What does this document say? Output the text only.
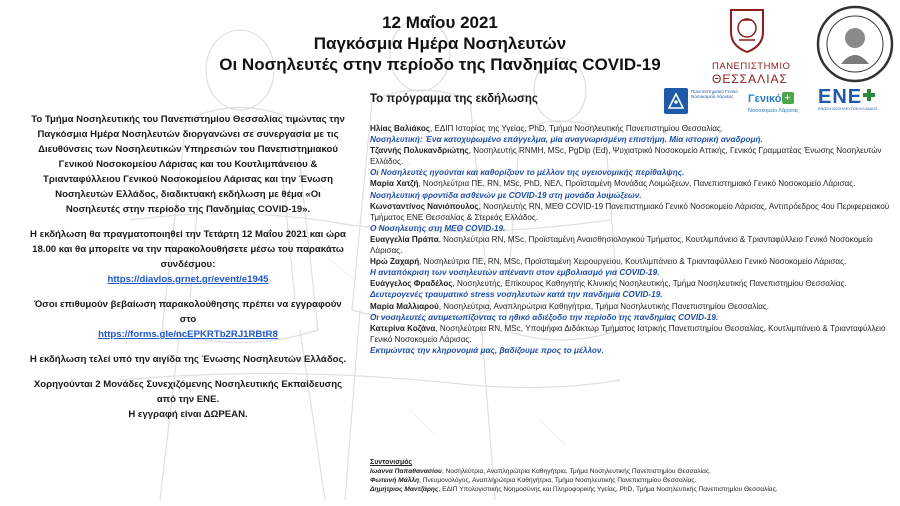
12 Μαΐου 2021
Παγκόσμια Ημέρα Νοσηλευτών
Οι Νοσηλευτές στην περίοδο της Πανδημίας COVID-19	ΠΑΝΕΠΙΣΤΗΜΙΟ
ΘΕΣΣΑΛΙΑΣ

Το Τμήμα Νοσηλευτικής του Πανεπιστημίου Θεσσαλίας τιμώντας την Παγκόσμια Ημέρα Νοσηλευτών διοργανώνει σε συνεργασία με τις Διευθύνσεις των Νοσηλευτικών Υπηρεσιών του Πανεπιστημιακού Γενικού Νοσοκομείου Λάρισας και του Κουτλιμπάνειου & Τριανταφύλλειου Γενικού Νοσοκομείου Λάρισας και την Ένωση Νοσηλευτών Ελλάδος, διαδικτυακή εκδήλωση με θέμα «Οι Νοσηλευτές στην περίοδο της Πανδημίας COVID-19».

Η εκδήλωση θα πραγματοποιηθεί την Τετάρτη 12 Μαΐου 2021 και ώρα 18.00 και θα μπορείτε να την παρακολουθήσετε μέσω του παρακάτω συνδέσμου:

https://diavlos.grnet.gr/event/e1945

Όσοι επιθυμούν βεβαίωση παρακολούθησης πρέπει να εγγραφούν στο

https://forms.gle/ncEPKRTb2RJ1RBtR8

Η εκδήλωση τελεί υπό την αιγίδα της Ένωσης Νοσηλευτών Ελλάδος.

Χορηγούνται 2 Μονάδες Συνεχιζόμενης Νοσηλευτικής Εκπαίδευσης από την ΕΝΕ.

Η εγγραφή είναι ΔΩΡΕΑΝ.

Το πρόγραμμα της εκδήλωσης
Πανεπιστημιακό Γενικό Νοσοκομείο Λάρισας	Γενικό +
Νοσοκομείο Λάρισας
ΕΝΕ
ΕΝΩΣΗ ΝΟΣΗΛΕΥΤΩΝ ΕΛΛΑΔΟΣ
Ηλίας Βαλιάκος, ΕΔΙΠ Ιστορίας της Υγείας, PhD, Τμήμα Νοσηλευτικής Πανεπιστημίου Θεσσαλίας.
Νοσηλευτική: Ένα κατοχυρωμένο επάγγελμα, μία αναγνωρισμένη επιστήμη. Μία ιστορική αναδρομή.
Τζαννής Πολυκανδριώτης, Νοσηλευτής RNMH, MSc, PgDip (Ed), Ψυχιατρικό Νοσοκομείο Αττικής, Γενικός Γραμματέας Ένωσης Νοσηλευτών Ελλάδος.
Οι Νοσηλευτές ηγούνται και καθορίζουν το μέλλον της υγειονομικής περίθαλψης.
Μαρία Χατζή, Νοσηλεύτρια ΠΕ, RN, MSc, PhD, ΝΕΛ, Προϊσταμένη Μονάδας Λοιμώξεων, Πανεπιστημιακό Γενικό Νοσοκομείο Λάρισας.
Νοσηλευτική φροντίδα ασθενών με COVID-19 στη μονάδα λοιμώξεων.
Κωνσταντίνος Νανιόπουλος, Νοσηλευτής RN, ΜΕΘ COVID-19 Πανεπιστημιακό Γενικό Νοσοκομείο Λάρισας, Αντιπρόεδρος 4ου Περιφερειακού Τμήματος ΕΝΕ Θεσσαλίας & Στερεάς Ελλάδος.
Ο Νοσηλευτής στη ΜΕΘ COVID-19.
Ευαγγελία Πράπα, Νοσηλεύτρια RN, MSc, Προϊσταμένη Αναισθησιολογικού Τμήματος, Κουτλιμπάνειο & Τριανταφύλλειο Γενικό Νοσοκομείο Λάρισας.
Ηρώ Ζαχαρή, Νοσηλεύτρια ΠΕ, RN, MSc, Προϊσταμένη Χειρουργείου, Κουτλιμπάνειο & Τριανταφύλλειο Γενικό Νοσοκομείο Λάρισας.
Η ανταπόκριση των νοσηλευτών απέναντι στον εμβολιασμό για COVID-19.
Ευάγγελος Φραδέλος, Νοσηλευτής, Επίκουρος Καθηγητής Κλινικής Νοσηλευτικής, Τμήμα Νοσηλευτικής Πανεπιστημίου Θεσσαλίας.
Δευτερογενές τραυματικό stress νοσηλευτών κατά την πανδημία COVID-19.
Μαρία Μαλλιαρού, Νοσηλεύτρια, Αναπληρώτρια Καθηγήτρια, Τμήμα Νοσηλευτικής Πανεπιστημίου Θεσσαλίας.
Οι νοσηλευτές αντιμετωπίζοντας το ηθικό αδιέξοδο την περίοδο της πανδημίας COVID-19.
Κατερίνα Κοζάνα, Νοσηλεύτρια RN, MSc, Υποψήφια Διδάκτωρ Τμήματος Ιατρικής Πανεπιστημίου Θεσσαλίας, Κουτλιμπάνειο & Τριανταφύλλειο Γενικό Νοσοκομείο Λάρισας.
Εκτιμώντας την κληρονομιά μας, βαδίζουμε προς το μέλλον.
Συντονισμός
Ιωάννα Παπαθανασίου, Νοσηλεύτρια, Αναπληρώτρια Καθηγήτρια, Τμήμα Νοσηλευτικής Πανεπιστημίου Θεσσαλίας.
Φωτεινή Μάλλη, Πνευμονολόγος, Αναπληρώτρια Καθηγήτρια, Τμήμα Νοσηλευτικής Πανεπιστημίου Θεσσαλίας.
Δημήτριος Μαντζάρης, ΕΔΙΠ Υπολογιστικής Νοημοσύνης και Πληροφορικής Υγείας, PhD, Τμήμα Νοσηλευτικής Πανεπιστημίου Θεσσαλίας.
